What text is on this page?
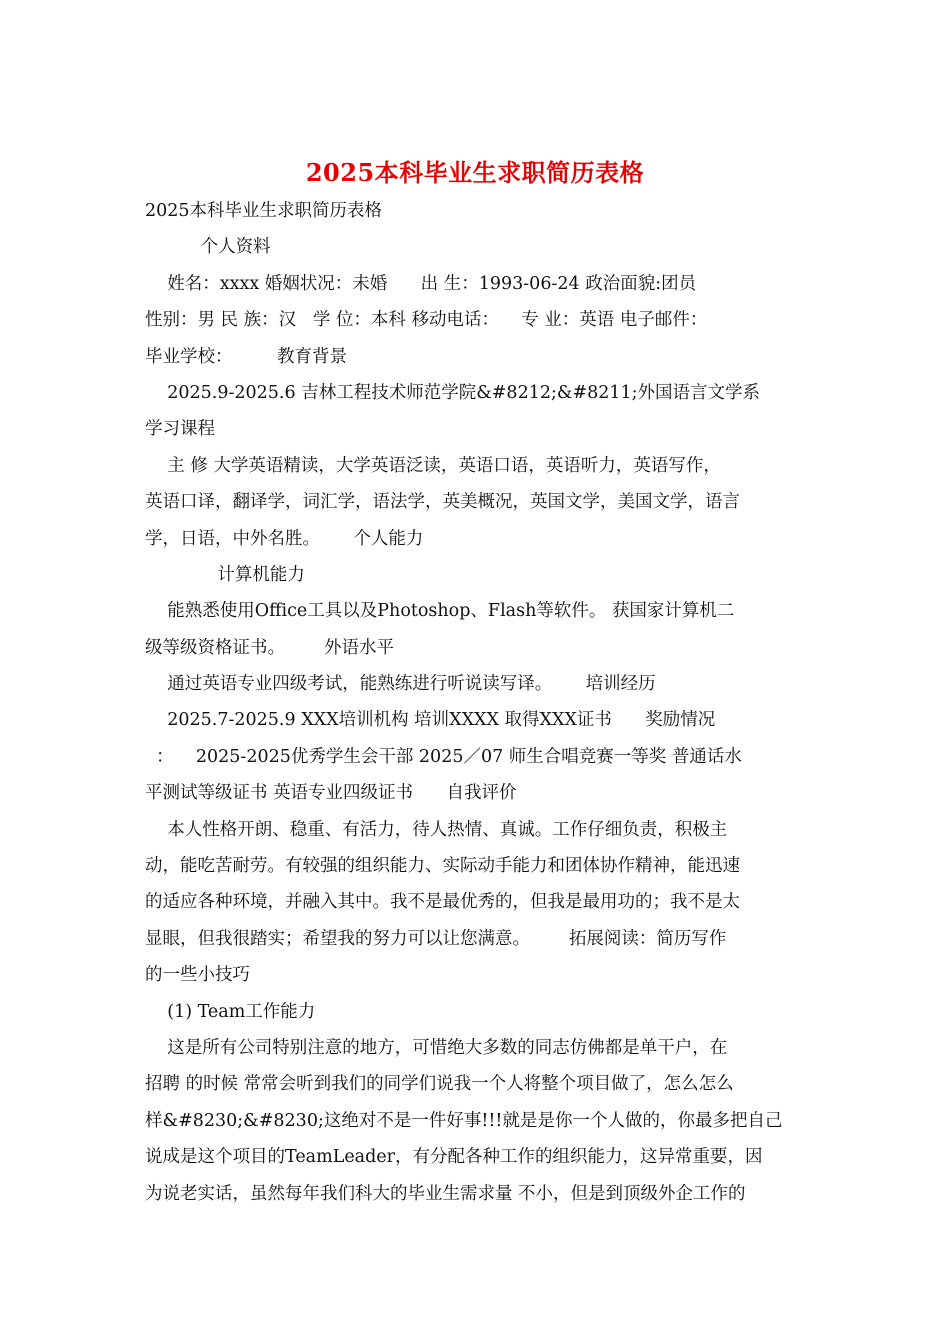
2025本科毕业生求职简历表格
2025本科毕业生求职简历表格
个人资料
姓名：xxxx 婚姻状况：未婚      出 生：1993-06-24 政治面貌:团员
性别：男 民 族：汉   学 位：本科 移动电话：    专 业：英语 电子邮件：
毕业学校：        教育背景
2025.9-2025.6 吉林工程技术师范学院&#8212;&#8211;外国语言文学系
学习课程
主 修 大学英语精读，大学英语泛读，英语口语，英语听力，英语写作，
英语口译，翻译学，词汇学，语法学，英美概况，英国文学，美国文学，语言
学，日语，中外名胜。      个人能力
计算机能力
能熟悉使用Office工具以及Photoshop、Flash等软件。 获国家计算机二
级等级资格证书。       外语水平
通过英语专业四级考试，能熟练进行听说读写译。      培训经历
2025.7-2025.9 XXX培训机构 培训XXXX 取得XXX证书      奖励情况
：    2025-2025优秀学生会干部 2025／07 师生合唱竞赛一等奖 普通话水
平测试等级证书 英语专业四级证书      自我评价
本人性格开朗、稳重、有活力，待人热情、真诚。工作仔细负责，积极主
动，能吃苦耐劳。有较强的组织能力、实际动手能力和团体协作精神，能迅速
的适应各种环境，并融入其中。我不是最优秀的，但我是最用功的；我不是太
显眼，但我很踏实；希望我的努力可以让您满意。       拓展阅读：简历写作
的一些小技巧
(1) Team工作能力
这是所有公司特别注意的地方，可惜绝大多数的同志仿佛都是单干户，在
招聘 的时候 常常会听到我们的同学们说我一个人将整个项目做了，怎么怎么
样&#8230;&#8230;这绝对不是一件好事!!!就是是你一个人做的，你最多把自己
说成是这个项目的TeamLeader，有分配各种工作的组织能力，这异常重要，因
为说老实话，虽然每年我们科大的毕业生需求量 不小，但是到顶级外企工作的
